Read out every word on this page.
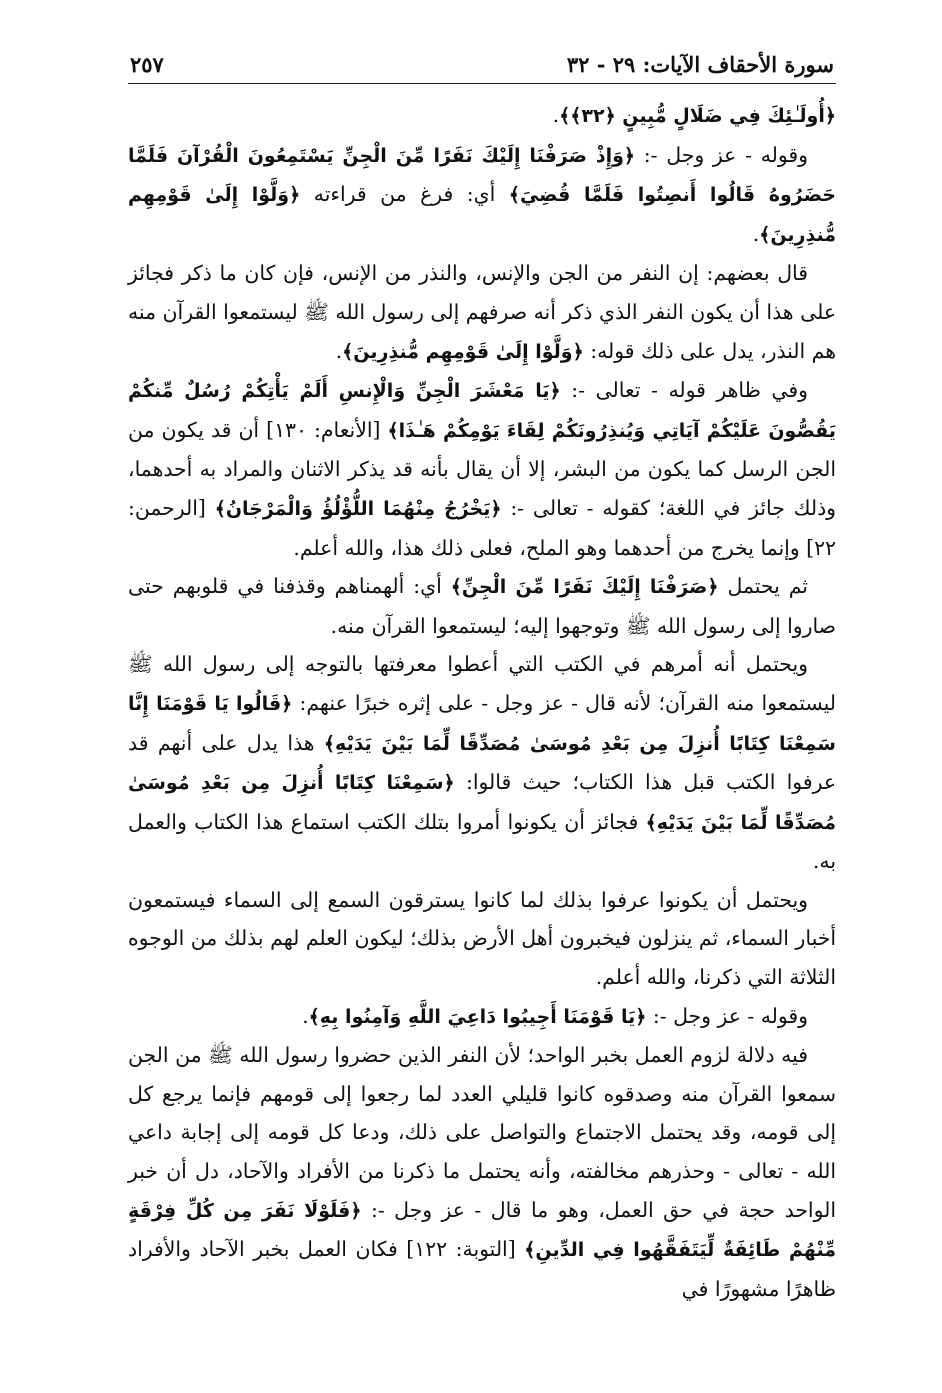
سورة الأحقاف الآيات: ٢٩ - ٣٢
٢٥٧

﴿أُولَـٰئِكَ فِي ضَلَالٍ مُّبِينٍ ﴿٣٢﴾﴾.

وقوله - عز وجل -: ﴿وَإِذْ صَرَفْنَا إِلَيْكَ نَفَرًا مِّنَ الْجِنِّ يَسْتَمِعُونَ الْقُرْآنَ فَلَمَّا حَضَرُوهُ قَالُوا أَنصِتُوا فَلَمَّا قُضِيَ﴾ أي: فرغ من قراءته ﴿وَلَّوْا إِلَىٰ قَوْمِهِم مُّنذِرِينَ﴾.

قال بعضهم: إن النفر من الجن والإنس، والنذر من الإنس، فإن كان ما ذكر فجائز على هذا أن يكون النفر الذي ذكر أنه صرفهم إلى رسول الله ﷺ ليستمعوا القرآن منه هم النذر، يدل على ذلك قوله: ﴿وَلَّوْا إِلَىٰ قَوْمِهِم مُّنذِرِينَ﴾.

وفي ظاهر قوله - تعالى -: ﴿يَا مَعْشَرَ الْجِنِّ وَالْإِنسِ أَلَمْ يَأْتِكُمْ رُسُلٌ مِّنكُمْ يَقُصُّونَ عَلَيْكُمْ آيَاتِي وَيُنذِرُونَكُمْ لِقَاءَ يَوْمِكُمْ هَـٰذَا﴾ [الأنعام: ١٣٠] أن قد يكون من الجن الرسل كما يكون من البشر، إلا أن يقال بأنه قد يذكر الاثنان والمراد به أحدهما، وذلك جائز في اللغة؛ كقوله - تعالى -: ﴿يَخْرُجُ مِنْهُمَا اللُّؤْلُؤُ وَالْمَرْجَانُ﴾ [الرحمن: ٢٢] وإنما يخرج من أحدهما وهو الملح، فعلى ذلك هذا، والله أعلم.

ثم يحتمل ﴿صَرَفْنَا إِلَيْكَ نَفَرًا مِّنَ الْجِنِّ﴾ أي: ألهمناهم وقذفنا في قلوبهم حتى صاروا إلى رسول الله ﷺ وتوجهوا إليه؛ ليستمعوا القرآن منه.

ويحتمل أنه أمرهم في الكتب التي أعطوا معرفتها بالتوجه إلى رسول الله ﷺ ليستمعوا منه القرآن؛ لأنه قال - عز وجل - على إثره خبرًا عنهم: ﴿قَالُوا يَا قَوْمَنَا إِنَّا سَمِعْنَا كِتَابًا أُنزِلَ مِن بَعْدِ مُوسَىٰ مُصَدِّقًا لِّمَا بَيْنَ يَدَيْهِ﴾ هذا يدل على أنهم قد عرفوا الكتب قبل هذا الكتاب؛ حيث قالوا: ﴿سَمِعْنَا كِتَابًا أُنزِلَ مِن بَعْدِ مُوسَىٰ مُصَدِّقًا لِّمَا بَيْنَ يَدَيْهِ﴾ فجائز أن يكونوا أمروا بتلك الكتب استماع هذا الكتاب والعمل به.

ويحتمل أن يكونوا عرفوا بذلك لما كانوا يسترقون السمع إلى السماء فيستمعون أخبار السماء، ثم ينزلون فيخبرون أهل الأرض بذلك؛ ليكون العلم لهم بذلك من الوجوه الثلاثة التي ذكرنا، والله أعلم.

وقوله - عز وجل -: ﴿يَا قَوْمَنَا أَجِيبُوا دَاعِيَ اللَّهِ وَآمِنُوا بِهِ﴾.

فيه دلالة لزوم العمل بخبر الواحد؛ لأن النفر الذين حضروا رسول الله ﷺ من الجن سمعوا القرآن منه وصدقوه كانوا قليلي العدد لما رجعوا إلى قومهم فإنما يرجع كل إلى قومه، وقد يحتمل الاجتماع والتواصل على ذلك، ودعا كل قومه إلى إجابة داعي الله - تعالى - وحذرهم مخالفته، وأنه يحتمل ما ذكرنا من الأفراد والآحاد، دل أن خبر الواحد حجة في حق العمل، وهو ما قال - عز وجل -: ﴿فَلَوْلَا نَفَرَ مِن كُلِّ فِرْقَةٍ مِّنْهُمْ طَائِفَةٌ لِّيَتَفَقَّهُوا فِي الدِّينِ﴾ [التوبة: ١٢٢] فكان العمل بخبر الآحاد والأفراد ظاهرًا مشهورًا في
